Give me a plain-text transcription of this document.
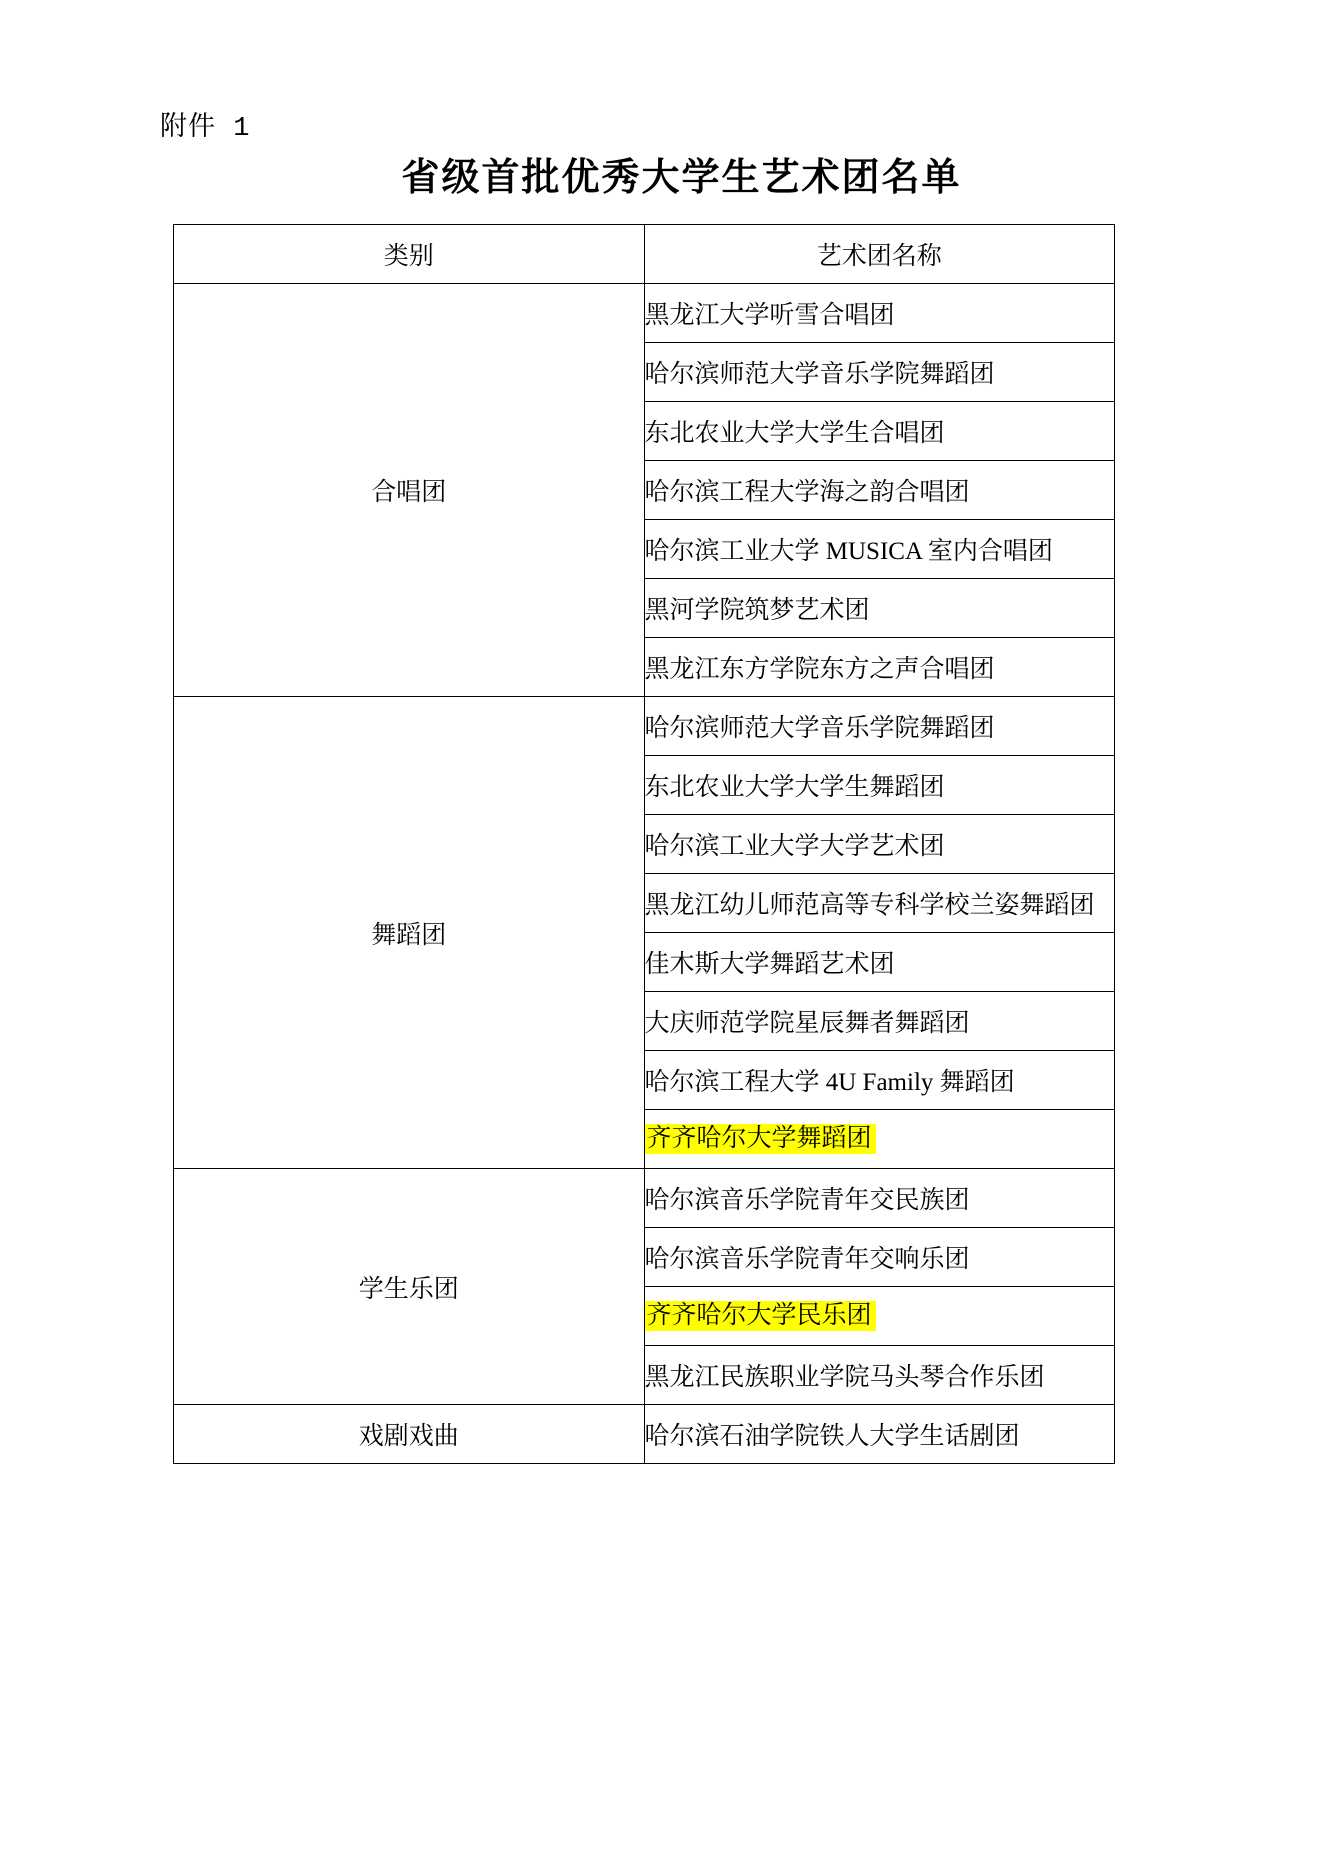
附件 1
省级首批优秀大学生艺术团名单
类别	艺术团名称
合唱团	黑龙江大学听雪合唱团
	哈尔滨师范大学音乐学院舞蹈团
	东北农业大学大学生合唱团
	哈尔滨工程大学海之韵合唱团
	哈尔滨工业大学 MUSICA 室内合唱团
	黑河学院筑梦艺术团
	黑龙江东方学院东方之声合唱团
舞蹈团	哈尔滨师范大学音乐学院舞蹈团
	东北农业大学大学生舞蹈团
	哈尔滨工业大学大学艺术团
	黑龙江幼儿师范高等专科学校兰姿舞蹈团
	佳木斯大学舞蹈艺术团
	大庆师范学院星辰舞者舞蹈团
	哈尔滨工程大学 4U Family 舞蹈团
	齐齐哈尔大学舞蹈团
学生乐团	哈尔滨音乐学院青年交民族团
	哈尔滨音乐学院青年交响乐团
	齐齐哈尔大学民乐团
	黑龙江民族职业学院马头琴合作乐团
戏剧戏曲	哈尔滨石油学院铁人大学生话剧团
